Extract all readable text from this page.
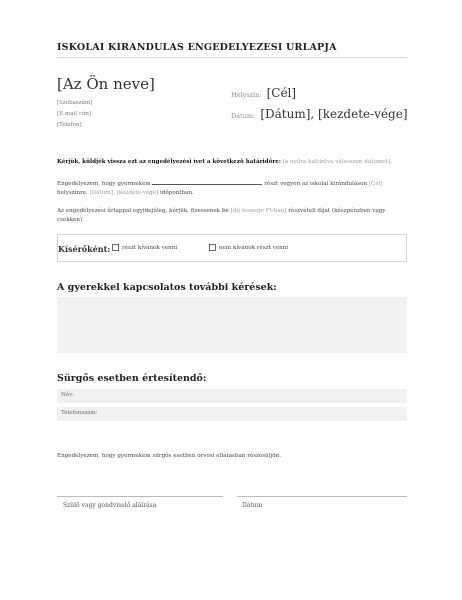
ISKOLAI KIRANDULAS ENGEDELYEZESI URLAPJA
[Az Ön neve]
[Szobaszám]
[E-mail cím]
[Telefon]
Helyszín: [Cél]
Dátum: [Dátum], [kezdete-vége]
Kérjük, küldjék vissza ezt az engedélyezési ívet a következő határidőre: [a nyílra kattintva válasszon dátumot].
Engedélyezem, hogy gyermekem	részt vegyen az iskolai kiránduláson [Cél] helyszínre, [Dátum], [kezdete-vége] időpontban.
Az engedélyezési űrlappal egyidejűleg, kérjük, fizessenek be [díj összege Ft-ban] részvételi díjat (készpénzben vagy csekken).
Kísérőként:	részt kívánok venni	nem kívánok részt venni
A gyerekkel kapcsolatos további kérések:
Sürgős esetben értesítendő:
Név:
Telefonszám:
Engedélyezem, hogy gyermekem sürgős esetben orvosi ellátásban részesüljön.
Szülő vagy gondviselő aláírása	Dátum
